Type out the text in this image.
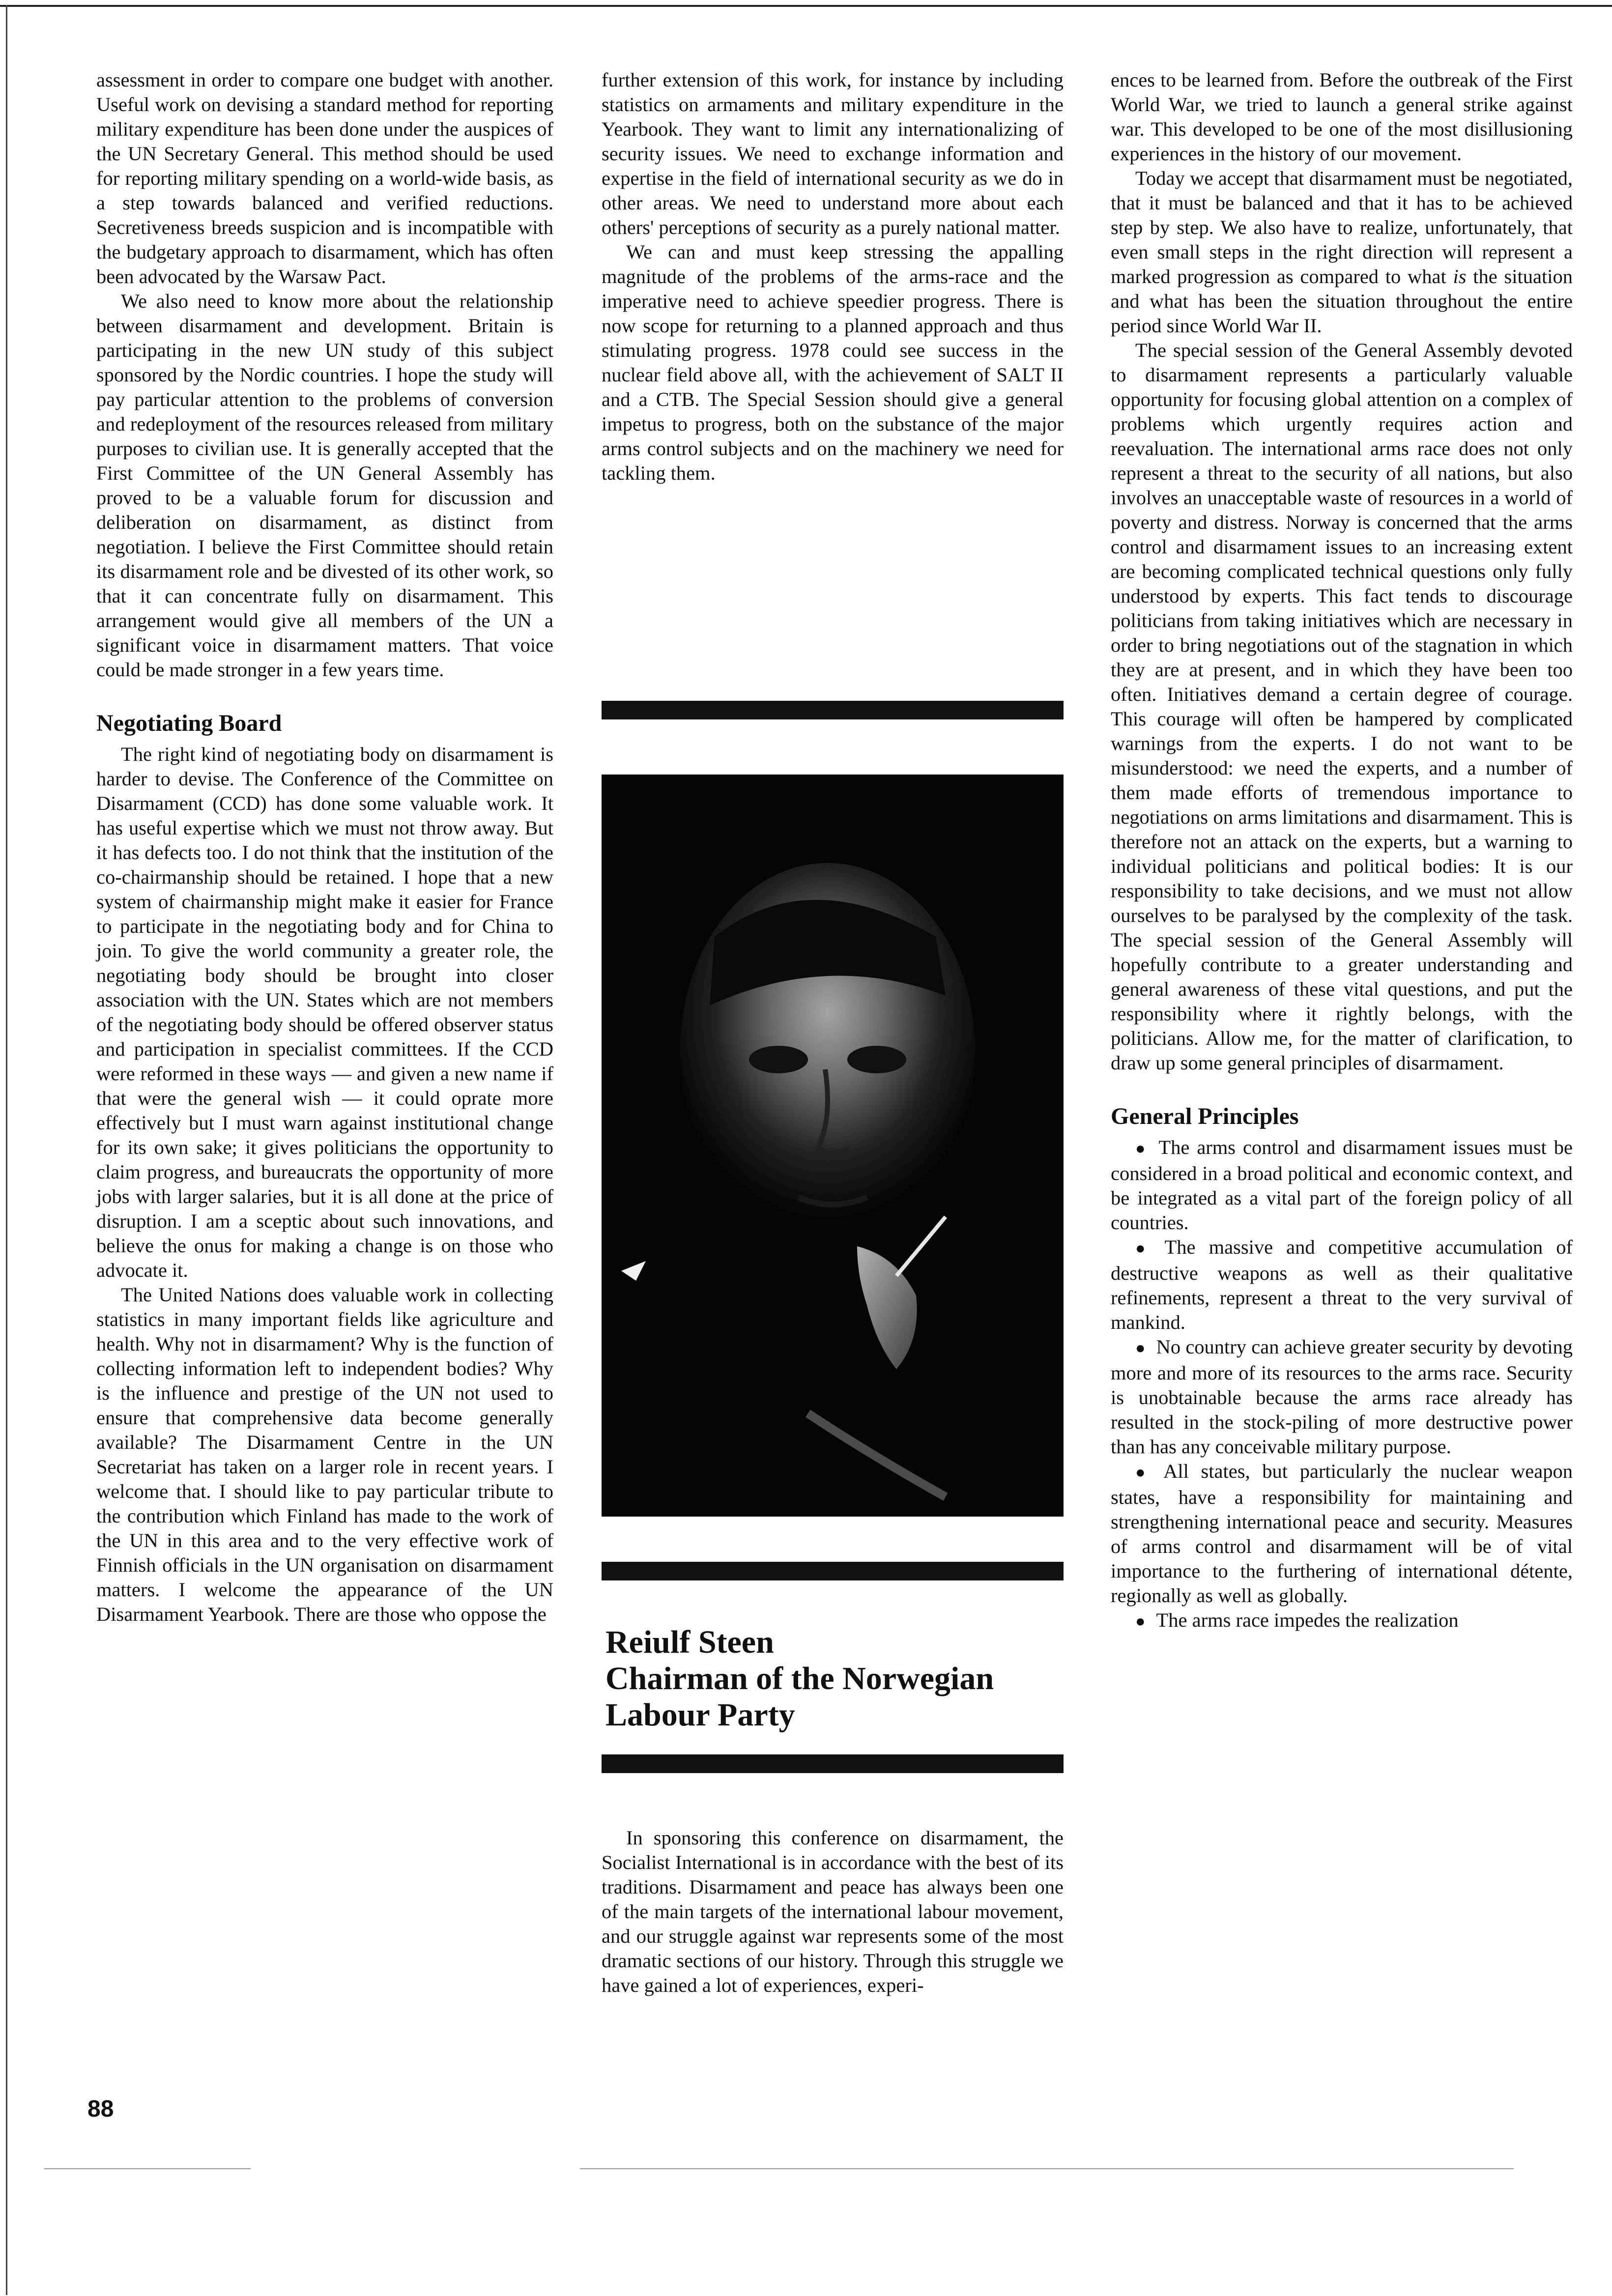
assessment in order to compare one budget with another. Useful work on devising a standard method for reporting military expenditure has been done under the auspices of the UN Secretary General. This method should be used for reporting military spending on a world-wide basis, as a step towards balanced and verified reductions. Secretiveness breeds suspicion and is incompatible with the budgetary approach to disarmament, which has often been advocated by the Warsaw Pact.

We also need to know more about the relationship between disarmament and development. Britain is participating in the new UN study of this subject sponsored by the Nordic countries. I hope the study will pay particular attention to the problems of conversion and redeployment of the resources released from military purposes to civilian use. It is generally accepted that the First Committee of the UN General Assembly has proved to be a valuable forum for discussion and deliberation on disarmament, as distinct from negotiation. I believe the First Committee should retain its disarmament role and be divested of its other work, so that it can concentrate fully on disarmament. This arrangement would give all members of the UN a significant voice in disarmament matters. That voice could be made stronger in a few years time.

Negotiating Board

The right kind of negotiating body on disarmament is harder to devise. The Conference of the Committee on Disarmament (CCD) has done some valuable work. It has useful expertise which we must not throw away. But it has defects too. I do not think that the institution of the co-chairmanship should be retained. I hope that a new system of chairmanship might make it easier for France to participate in the negotiating body and for China to join. To give the world community a greater role, the negotiating body should be brought into closer association with the UN. States which are not members of the negotiating body should be offered observer status and participation in specialist committees. If the CCD were reformed in these ways — and given a new name if that were the general wish — it could oprate more effectively but I must warn against institutional change for its own sake; it gives politicians the opportunity to claim progress, and bureaucrats the opportunity of more jobs with larger salaries, but it is all done at the price of disruption. I am a sceptic about such innovations, and believe the onus for making a change is on those who advocate it.

The United Nations does valuable work in collecting statistics in many important fields like agriculture and health. Why not in disarmament? Why is the function of collecting information left to independent bodies? Why is the influence and prestige of the UN not used to ensure that comprehensive data become generally available? The Disarmament Centre in the UN Secretariat has taken on a larger role in recent years. I welcome that. I should like to pay particular tribute to the contribution which Finland has made to the work of the UN in this area and to the very effective work of Finnish officials in the UN organisation on disarmament matters. I welcome the appearance of the UN Disarmament Yearbook. There are those who oppose the

further extension of this work, for instance by including statistics on armaments and military expenditure in the Yearbook. They want to limit any internationalizing of security issues. We need to exchange information and expertise in the field of international security as we do in other areas. We need to understand more about each others' perceptions of security as a purely national matter.

We can and must keep stressing the appalling magnitude of the problems of the arms-race and the imperative need to achieve speedier progress. There is now scope for returning to a planned approach and thus stimulating progress. 1978 could see success in the nuclear field above all, with the achievement of SALT II and a CTB. The Special Session should give a general impetus to progress, both on the substance of the major arms control subjects and on the machinery we need for tackling them.

Reiulf Steen
Chairman of the Norwegian
Labour Party

In sponsoring this conference on disarmament, the Socialist International is in accordance with the best of its traditions. Disarmament and peace has always been one of the main targets of the international labour movement, and our struggle against war represents some of the most dramatic sections of our history. Through this struggle we have gained a lot of experiences, experi-

ences to be learned from. Before the outbreak of the First World War, we tried to launch a general strike against war. This developed to be one of the most disillusioning experiences in the history of our movement.

Today we accept that disarmament must be negotiated, that it must be balanced and that it has to be achieved step by step. We also have to realize, unfortunately, that even small steps in the right direction will represent a marked progression as compared to what is the situation and what has been the situation throughout the entire period since World War II.

The special session of the General Assembly devoted to disarmament represents a particularly valuable opportunity for focusing global attention on a complex of problems which urgently requires action and reevaluation. The international arms race does not only represent a threat to the security of all nations, but also involves an unacceptable waste of resources in a world of poverty and distress. Norway is concerned that the arms control and disarmament issues to an increasing extent are becoming complicated technical questions only fully understood by experts. This fact tends to discourage politicians from taking initiatives which are necessary in order to bring negotiations out of the stagnation in which they are at present, and in which they have been too often. Initiatives demand a certain degree of courage. This courage will often be hampered by complicated warnings from the experts. I do not want to be misunderstood: we need the experts, and a number of them made efforts of tremendous importance to negotiations on arms limitations and disarmament. This is therefore not an attack on the experts, but a warning to individual politicians and political bodies: It is our responsibility to take decisions, and we must not allow ourselves to be paralysed by the complexity of the task. The special session of the General Assembly will hopefully contribute to a greater understanding and general awareness of these vital questions, and put the responsibility where it rightly belongs, with the politicians. Allow me, for the matter of clarification, to draw up some general principles of disarmament.

General Principles

● The arms control and disarmament issues must be considered in a broad political and economic context, and be integrated as a vital part of the foreign policy of all countries.

● The massive and competitive accumulation of destructive weapons as well as their qualitative refinements, represent a threat to the very survival of mankind.

● No country can achieve greater security by devoting more and more of its resources to the arms race. Security is unobtainable because the arms race already has resulted in the stock-piling of more destructive power than has any conceivable military purpose.

● All states, but particularly the nuclear weapon states, have a responsibility for maintaining and strengthening international peace and security. Measures of arms control and disarmament will be of vital importance to the furthering of international détente, regionally as well as globally.

● The arms race impedes the realization

88
